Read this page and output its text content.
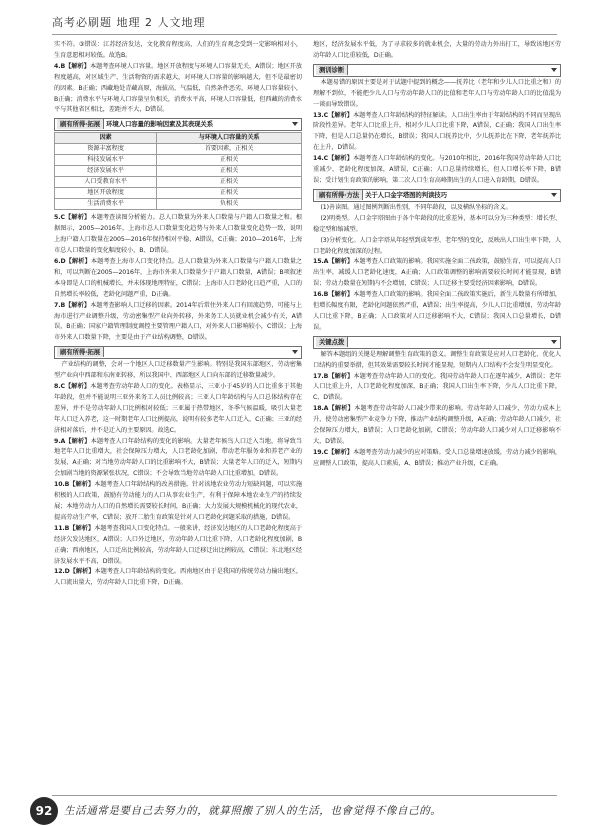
高考必刷题 地理 2 人文地理

实不符。③错误：江苏经济发达，文化教育程度高，人们的生育观念受到一定影响相对小，生育意愿相对较低。故选B。

4.B【解析】本题考查环境人口容量。地区开放程度与环境人口容量无关，A错误；地区开放程度越高，对区域生产、生活物资的需求越大，对环境人口容量的影响越大，但不是最密切的因素。B正确；西藏地处青藏高原，海拔高，气温低，自然条件恶劣，环境人口容量较小，B正确；消费水平与环境人口容量呈负相关，消费水平高，环境人口容量低，但西藏的消费水平与其他省区相比，差距并不大，D错误。

刷有所得·拓展 环境人口容量的影响因素及其表现关系
因素	与环境人口容量的关系
资源丰富程度	首要因素，正相关
科技发展水平	正相关
经济发展水平	正相关
人口受教育水平	正相关
地区开放程度	正相关
生活消费水平	负相关

5.C【解析】本题考查读图分析能力。总人口数量为外来人口数量与户籍人口数量之和。根据图示，2005—2016年，上海市总人口数量变化趋势与外来人口数量变化趋势一致，说明上海户籍人口数量在2005—2016年保持相对平稳，A错误，C正确；2010—2016年，上海市总人口数量的变化幅度较小，B、D错误。

6.D【解析】本题考查上海市人口变化特点。总人口数量为外来人口数量与户籍人口数量之和，可以判断在2005—2016年，上海市外来人口数量少于户籍人口数量，A错误；B项叙述本身即是人口的机械增长，并未体现地理特征，C错误；上海市人口老龄化日趋严重，人口的自然增长率较低，老龄化问题严重，D正确。

7.B【解析】本题考查影响人口迁移的因素。2014年后常住外来人口有回流趋势，可能与上海市进行产业调整升级，劳动密集型产业向外转移，外来务工人员就业机会减少有关，A错误，B正确；国家户籍管理制度调控主要管理户籍人口，对外来人口影响较小，C错误；上海市外来人口数量下降，主要是由于产业结构调整，D错误。

刷有所得·拓展

产业结构的调整，会对一个地区人口迁移数量产生影响。特别是我国东部地区，劳动密集型产业向中西部和东南亚转移，所以我国中、西部地区人口向东部的迁移数量减少。

8.C【解析】本题考查劳动年龄人口的变化。表格显示，三亚小于45岁的人口比重多于其他年龄段，但并不能说明三亚外来务工人员比例较高；三亚人口年龄结构与人口总体结构存在差异，并不是劳动年龄人口比例相对较低；三亚属于热带地区，冬季气候温暖，吸引大量老年人口迁入养老，这一时期老年人口比例提高，说明有较多老年人口迁入，C正确；三亚的经济相对落后，并不是迁入的主要原因。故选C。

9.A【解析】本题考查人口年龄结构的变化的影响。大量老年候鸟人口迁入当地，将导致当地老年人口比重增大，社会保障压力增大，人口老龄化加剧，带动老年服务业和养老产业的发展，A正确；对当地劳动年龄人口的比重影响不大，B错误；大量老年人口的迁入，短期内会加剧当地的资源紧张状况，C错误；不会导致当地劳动年龄人口比重增加，D错误。

10.B【解析】本题考查人口年龄结构的改善措施。针对该地农业劳动力短缺问题，可以实施积极的人口政策，鼓励有劳动能力的人口从事农业生产，有利于保障本地农业生产的持续发展；本地劳动力人口的自然增长需要较长时间，B正确；大力发展大规模机械化的现代农业，提高劳动生产率，C错误；放开二胎生育政策是针对人口老龄化问题采取的措施，D错误。

11.B【解析】本题考查我国人口变化特点。一般来讲，经济发达地区的人口老龄化程度高于经济欠发达地区，A错误；人口外迁地区，劳动年龄人口比重下降，人口老龄化程度加剧，B正确；西南地区，人口迁出比例较高，劳动年龄人口迁移迁出比例较高，C错误；东北地区经济发展水平不高，D错误。

12.D【解析】本题考查人口年龄结构的变化。西南地区由于是我国的传统劳动力输出地区，人口流出量大，劳动年龄人口比重下降，D正确。

地区，经济发展水平低，为了寻求较多的就业机会，大量的劳动力外出打工，导致该地区劳动年龄人口比重较低，D正确。

测训诊断

本题易错的原因主要是对于试题中提到的概念——抚养比（老年和少儿人口比重之和）的理解不到位，不能把少儿人口与劳动年龄人口的比值和老年人口与劳动年龄人口的比值混为一谈而导致错误。

13.C【解析】本题考查人口年龄结构的特征解读。人口出生率由于年龄结构的不同而呈现出阶段性差异。老年人口比重上升，相对少儿人口比重下降，A错误，C正确；我国人口出生率下降，但是人口总量仍在增长，B错误；我国人口抚养比中，少儿抚养比在下降，老年抚养比在上升，D错误。

14.C【解析】本题考查人口年龄结构的变化。与2010年相比，2016年我国劳动年龄人口比重减少，老龄化程度加深，A错误，C正确；人口总量持续增长，但人口增长率下降，B错误；受计划生育政策的影响，第二次人口生育高峰期出生的人口进入育龄期，D错误。

刷有所得·方法 关于人口金字塔图的判读技巧

(1)善读图。通过图例判断出性别，不同年龄段，以及横纵坐标的含义。

(2)明类型。人口金字塔图由于各个年龄段的比重差异，基本可以分为三种类型：增长型、稳定型和缩减型。

(3)分析变化。人口金字塔从年轻型到成年型、老年型的变化，反映出人口出生率下降，人口老龄化程度加深的过程。

15.A【解析】本题考查人口政策的影响。我国实施全面二孩政策，鼓励生育，可以提高人口出生率，减缓人口老龄化速度，A正确；人口政策调整的影响需要较长时间才能显现，B错误；劳动力数量在短期内不会增加，C错误；人口迁移主要受经济因素影响，D错误。

16.B【解析】本题考查人口政策的影响。我国全面二孩政策实施后，新生儿数量有所增加，但增长幅度有限，老龄化问题依然严重，A错误；出生率提高，少儿人口比重增加，劳动年龄人口比重下降，B正确；人口政策对人口迁移影响不大，C错误；我国人口总量增长，D错误。

关键点拨

解答本题组的关键是理解调整生育政策的意义。调整生育政策是应对人口老龄化、优化人口结构的重要举措，但其效果需要较长时间才能显现，短期内人口结构不会发生明显变化。

17.B【解析】本题考查劳动年龄人口的变化。我国劳动年龄人口在逐年减少，A错误；老年人口比重上升，人口老龄化程度加深，B正确；我国人口出生率下降，少儿人口比重下降，C、D错误。

18.A【解析】本题考查劳动年龄人口减少带来的影响。劳动年龄人口减少，劳动力成本上升，使劳动密集型产业竞争力下降，推动产业结构调整升级，A正确；劳动年龄人口减少，社会保障压力增大，B错误；人口老龄化加剧，C错误；劳动年龄人口减少对人口迁移影响不大，D错误。

19.C【解析】本题考查劳动力减少的应对策略。受人口总量增速放缓，劳动力减少的影响，应调整人口政策，提高人口素质，A、B错误；推动产业升级，C正确。

92	生活通常是要自己去努力的，就算照搬了别人的生活，也會觉得不像自己的。
